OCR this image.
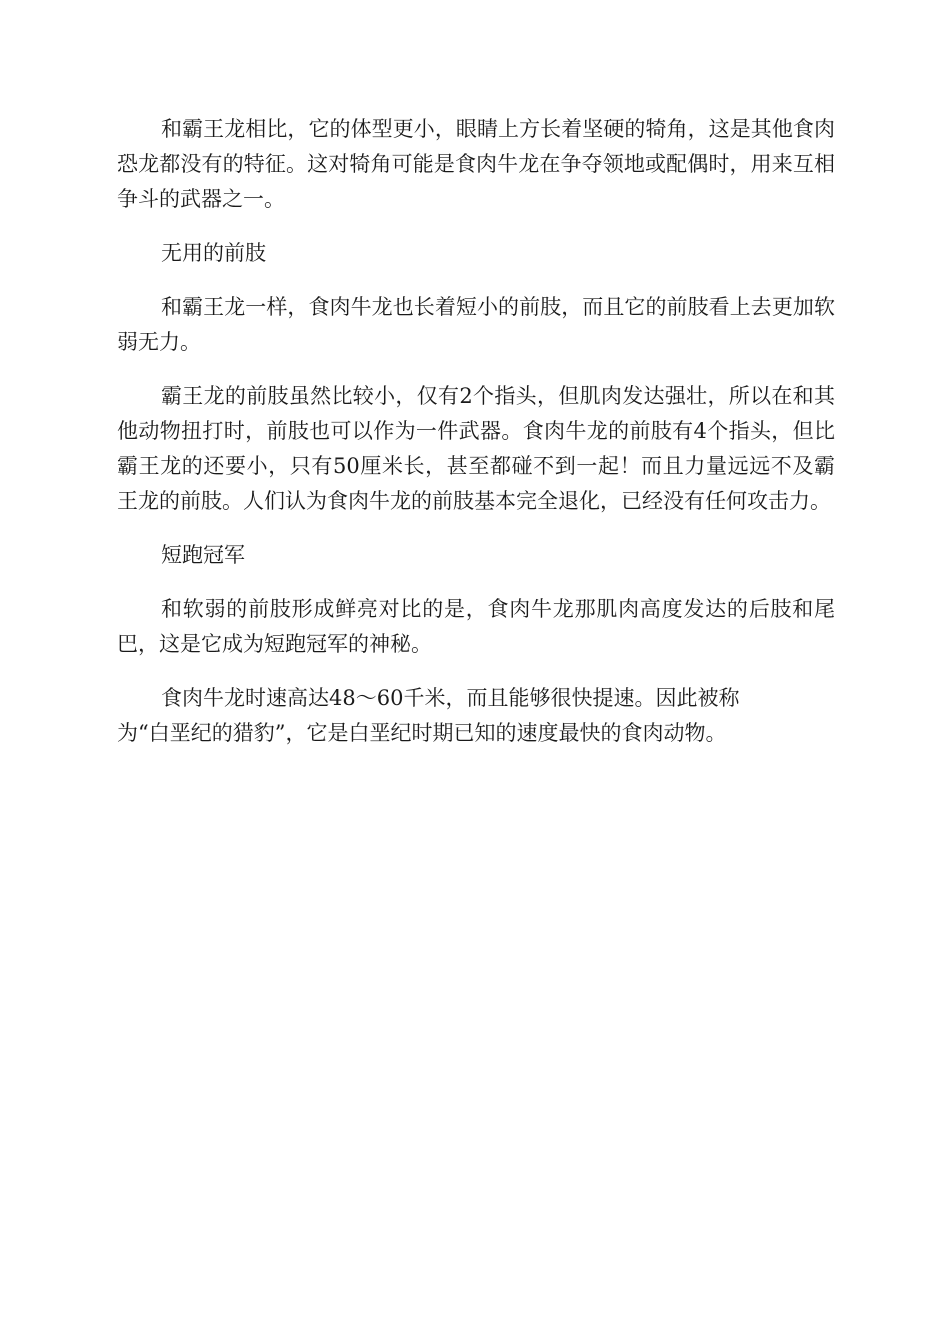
和霸王龙相比，它的体型更小，眼睛上方长着坚硬的犄角，这是其他食肉恐龙都没有的特征。这对犄角可能是食肉牛龙在争夺领地或配偶时，用来互相争斗的武器之一。

无用的前肢

和霸王龙一样，食肉牛龙也长着短小的前肢，而且它的前肢看上去更加软弱无力。

霸王龙的前肢虽然比较小，仅有2个指头，但肌肉发达强壮，所以在和其他动物扭打时，前肢也可以作为一件武器。食肉牛龙的前肢有4个指头，但比霸王龙的还要小，只有50厘米长，甚至都碰不到一起！而且力量远远不及霸王龙的前肢。人们认为食肉牛龙的前肢基本完全退化，已经没有任何攻击力。

短跑冠军

和软弱的前肢形成鲜亮对比的是，食肉牛龙那肌肉高度发达的后肢和尾巴，这是它成为短跑冠军的神秘。

食肉牛龙时速高达48～60千米，而且能够很快提速。因此被称
为“白垩纪的猎豹”，它是白垩纪时期已知的速度最快的食肉动物。
